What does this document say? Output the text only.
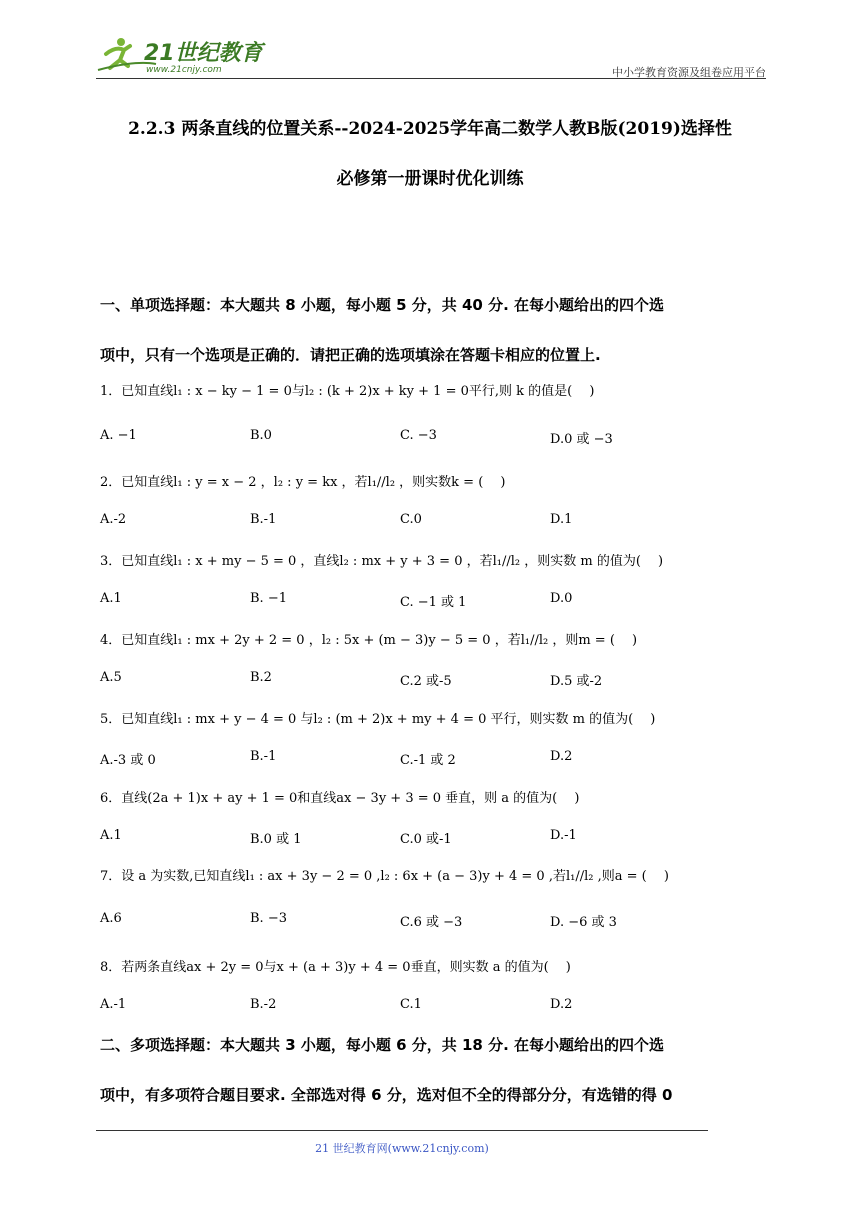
21世纪教育
www.21cnjy.com	中小学教育资源及组卷应用平台
2.2.3 两条直线的位置关系--2024-2025学年高二数学人教B版(2019)选择性
必修第一册课时优化训练
一、单项选择题：本大题共 8 小题，每小题 5 分，共 40 分. 在每小题给出的四个选
项中，只有一个选项是正确的．请把正确的选项填涂在答题卡相应的位置上.
1．已知直线l₁ : x − ky − 1 = 0与l₂ : (k + 2)x + ky + 1 = 0平行,则 k 的值是(　 )
A. −1	B.0	C. −3	D.0 或 −3
2．已知直线l₁ : y = x − 2 ，l₂ : y = kx ，若l₁//l₂ ，则实数k = (　 )
A.-2	B.-1	C.0	D.1
3．已知直线l₁ : x + my − 5 = 0 ，直线l₂ : mx + y + 3 = 0 ，若l₁//l₂ ，则实数 m 的值为(　 )
A.1	B. −1	C. −1 或 1	D.0
4．已知直线l₁ : mx + 2y + 2 = 0 ，l₂ : 5x + (m − 3)y − 5 = 0 ，若l₁//l₂ ，则m = (　 )
A.5	B.2	C.2 或-5	D.5 或-2
5．已知直线l₁ : mx + y − 4 = 0 与l₂ : (m + 2)x + my + 4 = 0 平行，则实数 m 的值为(　 )
A.-3 或 0	B.-1	C.-1 或 2	D.2
6．直线(2a + 1)x + ay + 1 = 0和直线ax − 3y + 3 = 0 垂直，则 a 的值为(　 )
A.1	B.0 或 1	C.0 或-1	D.-1
7．设 a 为实数,已知直线l₁ : ax + 3y − 2 = 0 ,l₂ : 6x + (a − 3)y + 4 = 0 ,若l₁//l₂ ,则a = (　 )
A.6	B. −3	C.6 或 −3	D. −6 或 3
8．若两条直线ax + 2y = 0与x + (a + 3)y + 4 = 0垂直，则实数 a 的值为(　 )
A.-1	B.-2	C.1	D.2
二、多项选择题：本大题共 3 小题，每小题 6 分，共 18 分. 在每小题给出的四个选
项中，有多项符合题目要求. 全部选对得 6 分，选对但不全的得部分分，有选错的得 0
21 世纪教育网(www.21cnjy.com)
